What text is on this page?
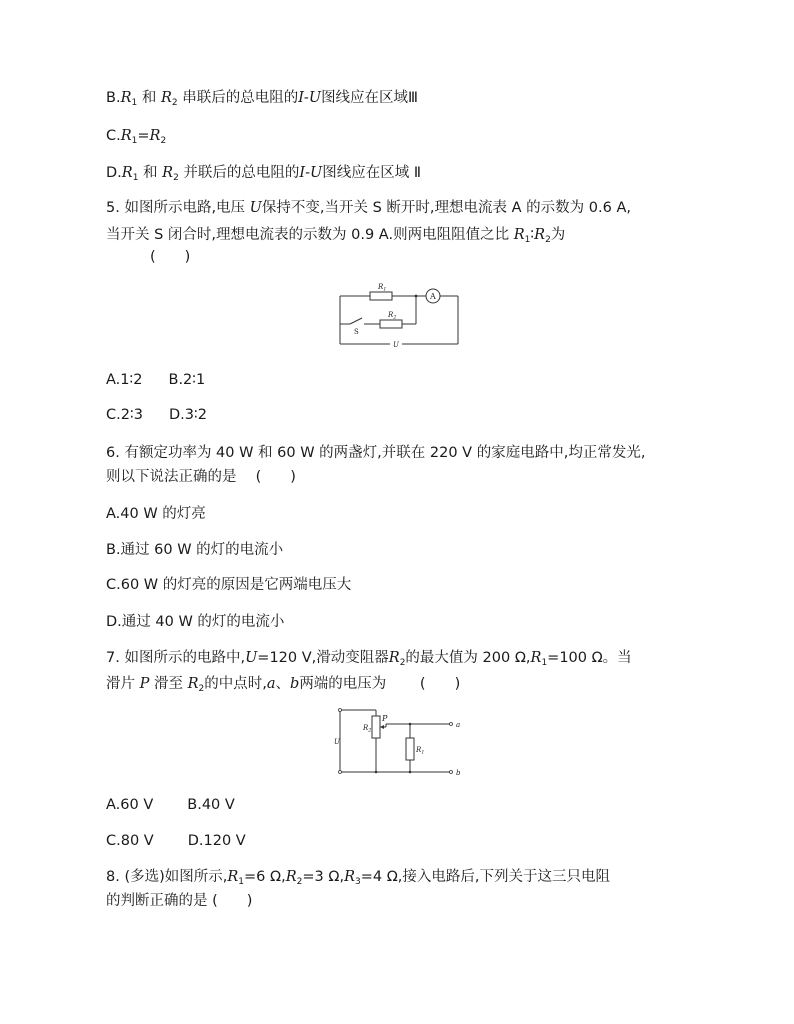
$B.R_1$ 和 $R_2$ 串联后的总电阻的I-U图线应在区域Ⅲ
$C.R_1=R_2$
$D.R_1$ 和 $R_2$ 并联后的总电阻的I-U图线应在区域 Ⅱ
5. 如图所示电路,电压 U保持不变,当开关 S 断开时,理想电流表 A 的示数为 0.6 A,
当开关 S 闭合时,理想电流表的示数为 0.9 A.则两电阻阻值之比 $R_1∶R_2$为
(　　)
$R_1$
$R_2$
A
S
U
A.1∶2 B.2∶1
C.2∶3 D.3∶2
6. 有额定功率为 40 W 和 60 W 的两盏灯,并联在 220 V 的家庭电路中,均正常发光,
则以下说法正确的是 　(　　)
A.40 W 的灯亮
B.通过 60 W 的灯的电流小
C.60 W 的灯亮的原因是它两端电压大
D.通过 40 W 的灯的电流小
7. 如图所示的电路中,U=120 V,滑动变阻器$R_2$的最大值为 200 $\Omega,R_1=100$ Ω。当
滑片 P 滑至 $R_2$的中点时,a、b两端的电压为 　　(　　)
$R_2$
P
$R_1$
U
a
b
A.60 V B.40 V
C.80 V D.120 V
8. (多选)如图所示$,R_1=6$ $\Omega,R_2=3$ $\Omega,R_3=4$ Ω,接入电路后,下列关于这三只电阻
的判断正确的是 (　　)
